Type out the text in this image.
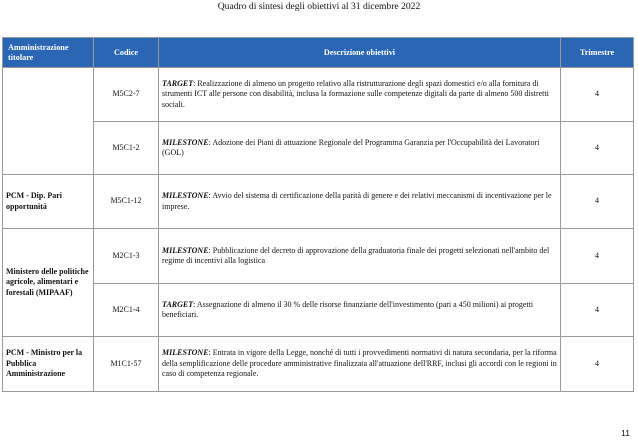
Quadro di sintesi degli obiettivi al 31 dicembre 2022
Amministrazione titolare	Codice	Descrizione obiettivi	Trimestre
	M5C2-7	TARGET: Realizzazione di almeno un progetto relativo alla ristrutturazione degli spazi domestici e/o alla fornitura di strumenti ICT alle persone con disabilità, inclusa la formazione sulle competenze digitali da parte di almeno 500 distretti sociali.	4
	M5C1-2	MILESTONE: Adozione dei Piani di attuazione Regionale del Programma Garanzia per l'Occupabilità dei Lavoratori (GOL)	4
PCM - Dip. Pari opportunità	M5C1-12	MILESTONE: Avvio del sistema di certificazione della parità di genere e dei relativi meccanismi di incentivazione per le imprese.	4
Ministero delle politiche agricole, alimentari e forestali (MIPAAF)	M2C1-3	MILESTONE: Pubblicazione del decreto di approvazione della graduatoria finale dei progetti selezionati nell'ambito del regime di incentivi alla logistica	4
	M2C1-4	TARGET: Assegnazione di almeno il 30 % delle risorse finanziarie dell'investimento (pari a 450 milioni) ai progetti beneficiari.	4
PCM - Ministro per la Pubblica Amministrazione	M1C1-57	MILESTONE: Entrata in vigore della Legge, nonché di tutti i provvedimenti normativi di natura secondaria, per la riforma della semplificazione delle procedure amministrative finalizzata all'attuazione dell'RRF, inclusi gli accordi con le regioni in caso di competenza regionale.	4
11
